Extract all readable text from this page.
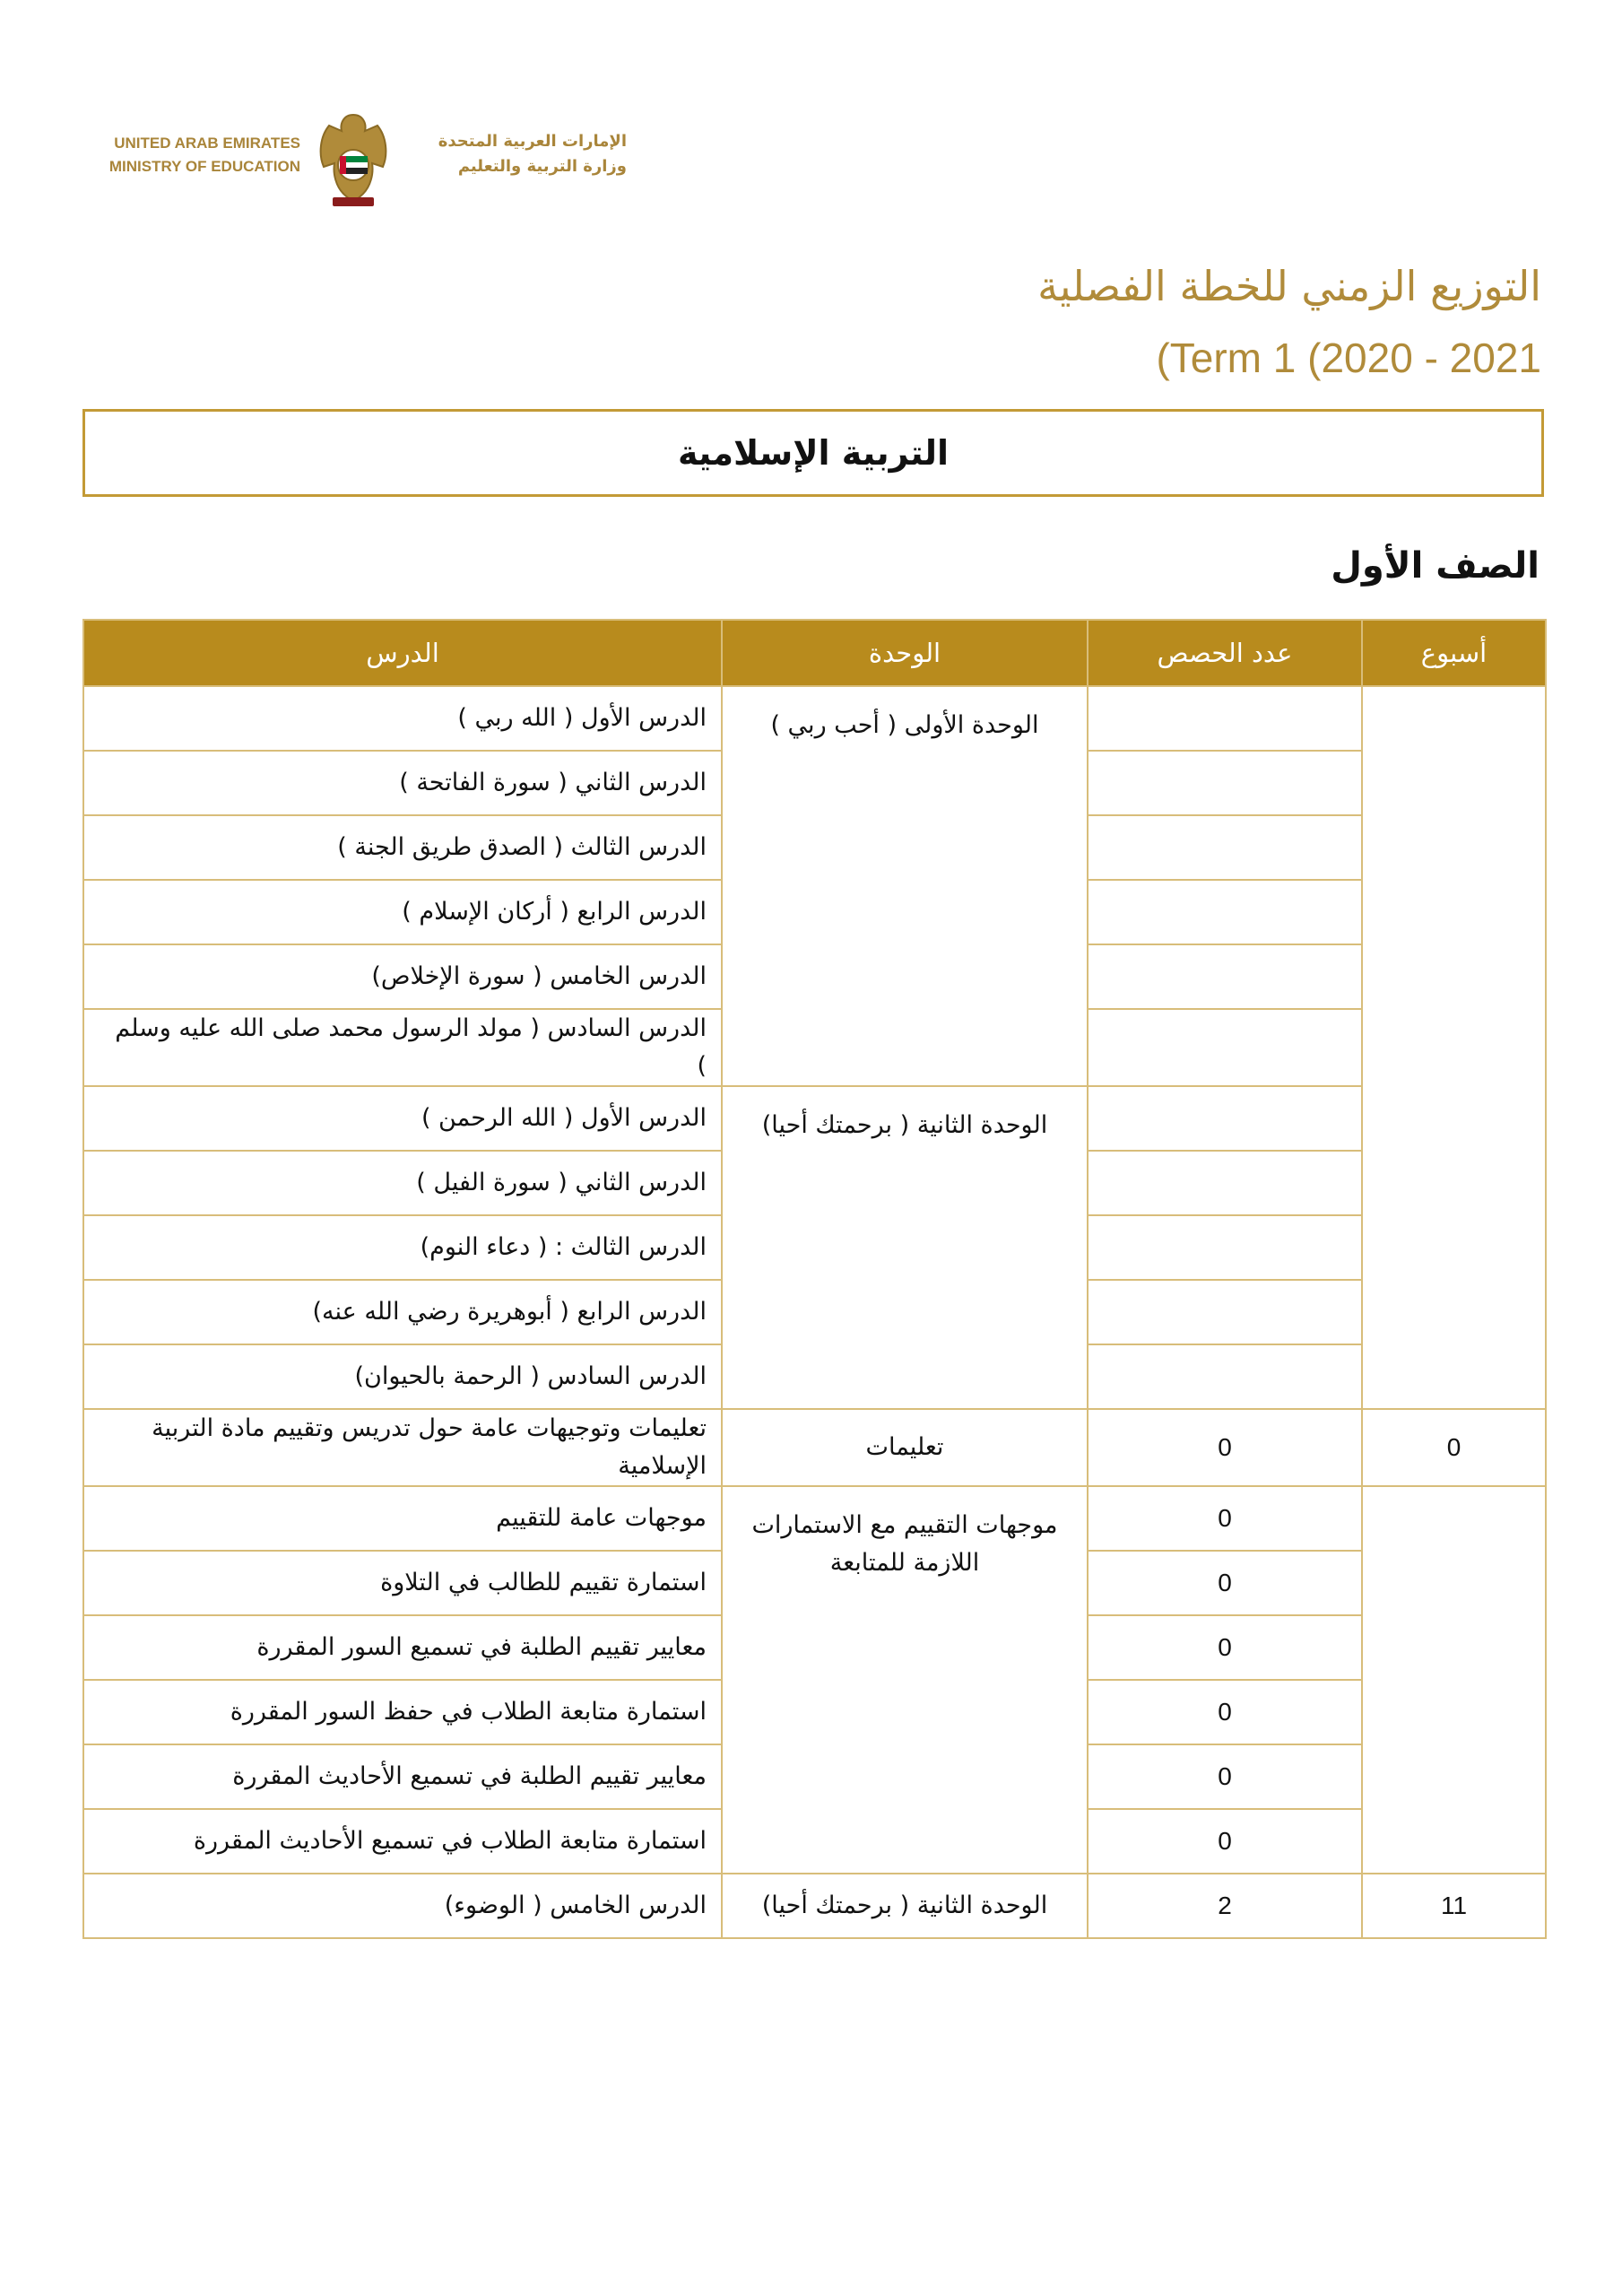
UNITED ARAB EMIRATES
MINISTRY OF EDUCATION
الإمارات العربية المتحدة
وزارة التربية والتعليم
التوزيع الزمني للخطة الفصلية
(Term 1 (2020 - 2021
التربية الإسلامية
الصف الأول
أسبوع	عدد الحصص	الوحدة	الدرس
		الوحدة الأولى ( أحب ربي )	الدرس الأول ( الله ربي )
			الدرس الثاني ( سورة الفاتحة )
			الدرس الثالث ( الصدق طريق الجنة )
			الدرس الرابع ( أركان الإسلام )
			الدرس الخامس ( سورة الإخلاص)
			الدرس السادس ( مولد الرسول محمد صلى الله عليه وسلم )
		الوحدة الثانية ( برحمتك أحيا)	الدرس الأول ( الله الرحمن )
			الدرس الثاني ( سورة الفيل )
			الدرس الثالث : ( دعاء النوم)
			الدرس الرابع ( أبوهريرة رضي الله عنه)
			الدرس السادس ( الرحمة بالحيوان)
0	0	تعليمات	تعليمات وتوجيهات عامة حول تدريس وتقييم مادة التربية الإسلامية
	0	موجهات التقييم مع الاستمارات اللازمة للمتابعة	موجهات عامة للتقييم
	0		استمارة تقييم للطالب في التلاوة
	0		معايير تقييم الطلبة في تسميع السور المقررة
	0		استمارة متابعة الطلاب في حفظ السور المقررة
	0		معايير تقييم الطلبة في تسميع الأحاديث المقررة
	0		استمارة متابعة الطلاب في تسميع الأحاديث المقررة
11	2	الوحدة الثانية ( برحمتك أحيا)	الدرس الخامس ( الوضوء)
